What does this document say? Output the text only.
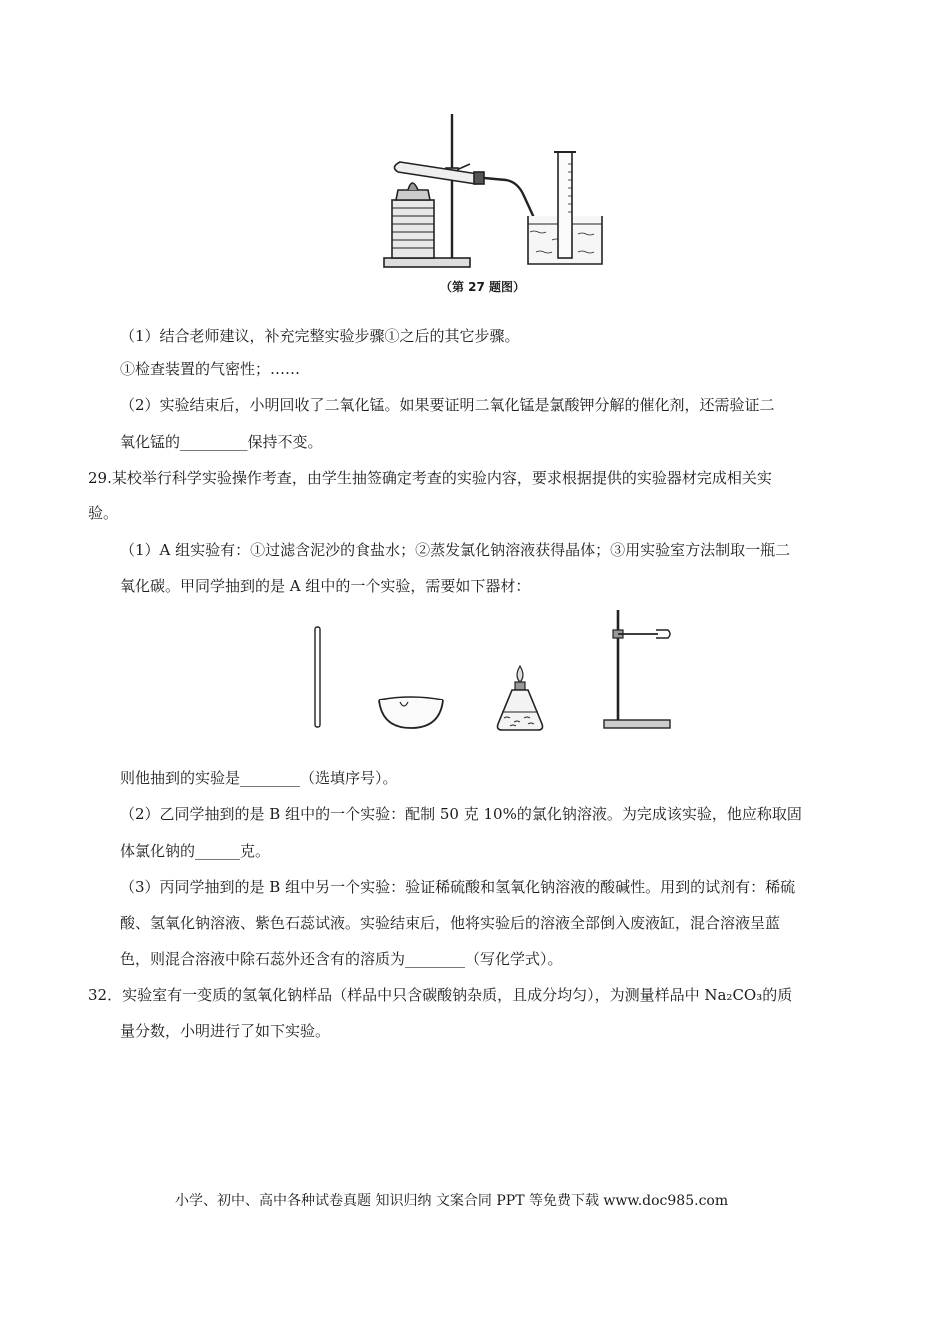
（第 27 题图）
（1）结合老师建议，补充完整实验步骤①之后的其它步骤。
①检查装置的气密性；……
（2）实验结束后，小明回收了二氧化锰。如果要证明二氧化锰是氯酸钾分解的催化剂，还需验证二
氧化锰的_________保持不变。
29.某校举行科学实验操作考查，由学生抽签确定考查的实验内容，要求根据提供的实验器材完成相关实
验。
（1）A 组实验有：①过滤含泥沙的食盐水；②蒸发氯化钠溶液获得晶体；③用实验室方法制取一瓶二
氧化碳。甲同学抽到的是 A 组中的一个实验，需要如下器材：
则他抽到的实验是________（选填序号）。
（2）乙同学抽到的是 B 组中的一个实验：配制 50 克 10%的氯化钠溶液。为完成该实验，他应称取固
体氯化钠的______克。
（3）丙同学抽到的是 B 组中另一个实验：验证稀硫酸和氢氧化钠溶液的酸碱性。用到的试剂有：稀硫
酸、氢氧化钠溶液、紫色石蕊试液。实验结束后，他将实验后的溶液全部倒入废液缸，混合溶液呈蓝
色，则混合溶液中除石蕊外还含有的溶质为________（写化学式）。
32．实验室有一变质的氢氧化钠样品（样品中只含碳酸钠杂质，且成分均匀），为测量样品中 Na₂CO₃的质
量分数，小明进行了如下实验。
小学、初中、高中各种试卷真题 知识归纳 文案合同 PPT 等免费下载 www.doc985.com
